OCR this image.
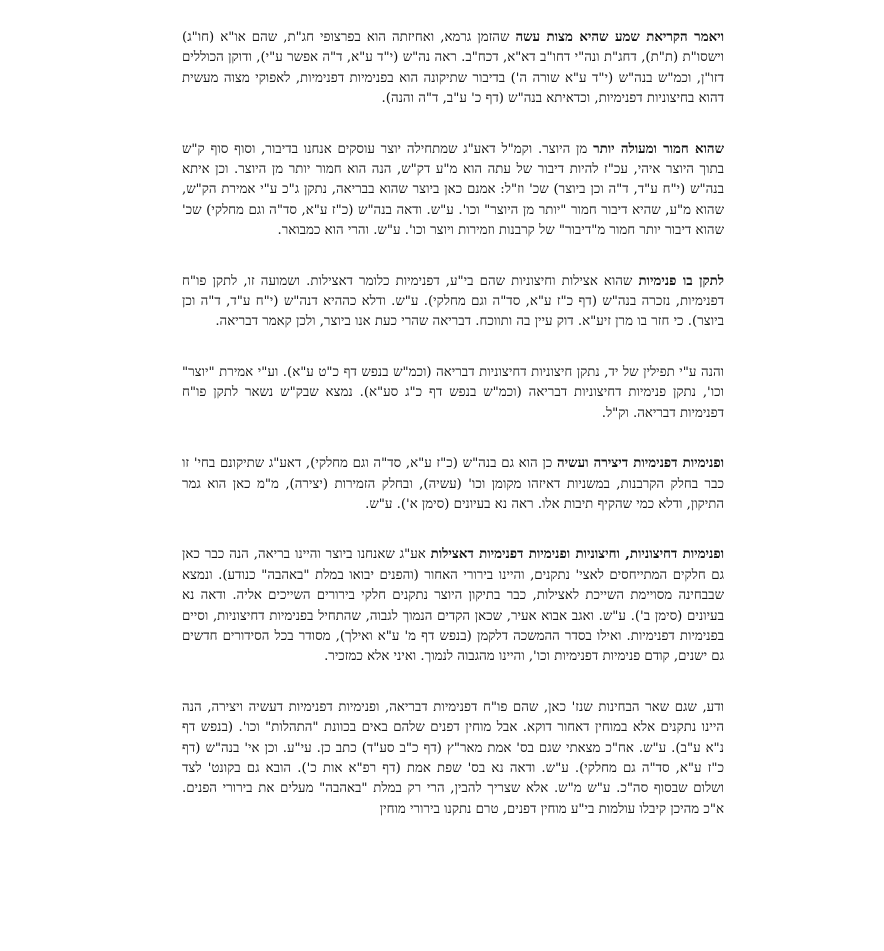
ויאמר הקריאת שמע שהיא מצות עשה שהזמן גרמא, ואחיזתה הוא בפרצופי חג"ת, שהם או"א (חו"ג) וישסו"ת (ת"ת), דחג"ת ונה"י דחו"ב דא"א, דכח"ב. ראה נה"ש (י"ד ע"א, ד"ה אפשר ע"י), ודוקן הכוללים דזו"ן, וכמ"ש בנה"ש (י"ד ע"א שורה ה') בדיבור שתיקונה הוא בפנימיות דפנימיות, לאפוקי מצוה מעשית דהוא בחיצוניות דפנימיות, וכדאיתא בנה"ש (דף כ' ע"ב, ד"ה והנה).

שהוא חמור ומעולה יותר מן היוצר. וקמ"ל דאע"ג שמתחילה יוצר עוסקים אנחנו בדיבור, וסוף סוף ק"ש בתוך היוצר איהי, עכ"ז להיות דיבור של עתה הוא מ"ע דק"ש, הנה הוא חמור יותר מן היוצר. וכן איתא בנה"ש (י"ח ע"ד, ד"ה וכן ביוצר) שכ' וז"ל: אמנם כאן ביוצר שהוא בבריאה, נתקן ג"כ ע"י אמירת הק"ש, שהוא מ"ע, שהיא דיבור חמור "יותר מן היוצר" וכו'. ע"ש. ודאה בנה"ש (כ"ז ע"א, סד"ה וגם מחלקי) שכ' שהוא דיבור יותר חמור מ"דיבור" של קרבנות וזמירות ויוצר וכו'. ע"ש. והרי הוא כמבואר.

לתקן בו פנימיות שהוא אצילות וחיצוניות שהם בי"ע, דפנימיות כלומר דאצילות. ושמועה זו, לתקן פו"ח דפנימיות, נזכרה בנה"ש (דף כ"ז ע"א, סד"ה וגם מחלקי). ע"ש. ודלא כההיא דנה"ש (י"ח ע"ד, ד"ה וכן ביוצר). כי חזר בו מרן זיע"א. דוק עיין בה ותווכח. דבריאה שהרי כעת אנו ביוצר, ולכן קאמר דבריאה.

והנה ע"י תפילין של יד, נתקן חיצוניות דחיצוניות דבריאה (וכמ"ש בנפש דף כ"ט ע"א). וע"י אמירת "יוצר" וכו', נתקן פנימיות דחיצוניות דבריאה (וכמ"ש בנפש דף כ"ג סע"א). נמצא שבק"ש נשאר לתקן פו"ח דפנימיות דבריאה. וק"ל.

ופנימיות דפנימיות דיצירה ועשיה כן הוא גם בנה"ש (כ"ז ע"א, סד"ה וגם מחלקי), דאע"ג שתיקונם בחי' זו כבר בחלק הקרבנות, במשניות דאיזהו מקומן וכו' (עשיה), ובחלק הזמירות (יצירה), מ"מ כאן הוא גמר התיקון, ודלא כמי שהקיף תיבות אלו. ראה נא בעיונים (סימן א'). ע"ש.

ופנימיות דחיצוניות, וחיצוניות ופנימיות דפנימיות דאצילות אע"ג שאנחנו ביוצר והיינו בריאה, הנה כבר כאן גם חלקים המתייחסים לאצי' נתקנים, והיינו בירורי האחור (והפנים יבואו במלת "באהבה" כנודע). ונמצא שבבחינה מסויימת השייכת לאצילות, כבר בתיקון היוצר נתקנים חלקי בירורים השייכים אליה. ודאה נא בעיונים (סימן ב'). ע"ש. ואגב אבוא אעיר, שכאן הקדים הנמוך לגבוה, שהתחיל בפנימיות דחיצוניות, וסיים בפנימיות דפנימיות. ואילו בסדר ההמשכה דלקמן (בנפש דף מ' ע"א ואילך), מסודר בכל הסידורים חדשים גם ישנים, קודם פנימיות דפנימיות וכו', והיינו מהגבוה לנמוך. ואיני אלא כמזכיר.

ודע, שגם שאר הבחינות שנז' כאן, שהם פו"ח דפנימיות דבריאה, ופנימיות דפנימיות דעשיה ויצירה, הנה היינו נתקנים אלא במוחין דאחור דוקא. אבל מוחין דפנים שלהם באים בכוונת "התהלות" וכו'. (בנפש דף נ"א ע"ב). ע"ש. אח"כ מצאתי שגם בס' אמת מאר"ץ (דף כ"ב סע"ד) כתב כן. עי"ע. וכן אי' בנה"ש (דף כ"ז ע"א, סד"ה גם מחלקי). ע"ש. ודאה נא בס' שפת אמת (דף רפ"א אות כ'). הובא גם בקונט' לצד ושלום שבסוף סה"כ. ע"ש מ"ש. אלא שצריך להבין, הרי רק במלת "באהבה" מעלים את בירורי הפנים. א"כ מהיכן קיבלו עולמות בי"ע מוחין דפנים, טרם נתקנו בירורי מוחין
